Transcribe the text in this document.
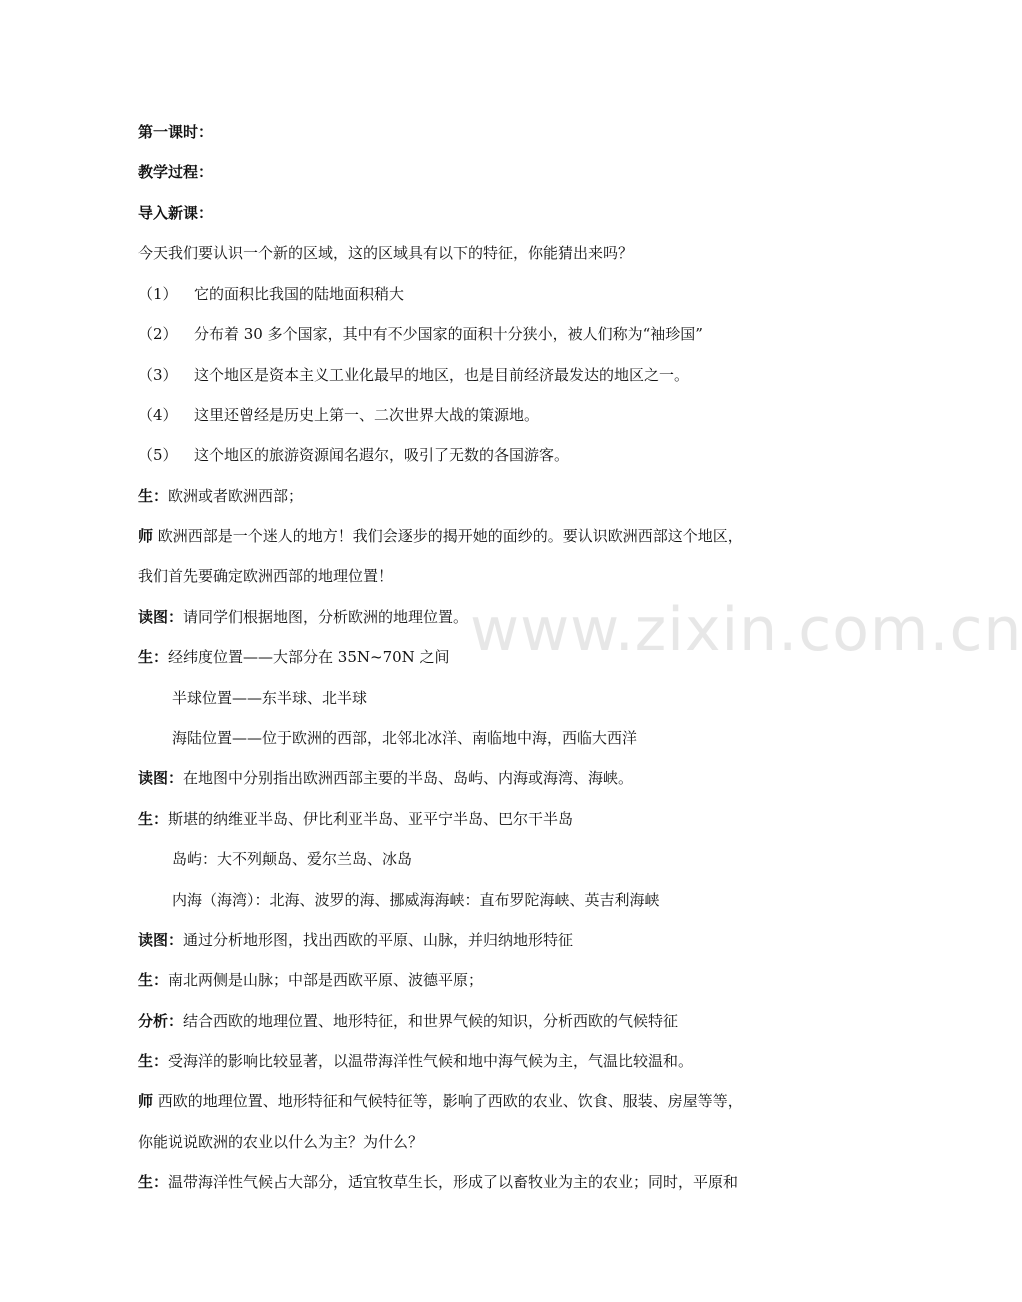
第一课时：
教学过程：
导入新课：
今天我们要认识一个新的区域，这的区域具有以下的特征，你能猜出来吗？
（1） 它的面积比我国的陆地面积稍大
（2） 分布着 30 多个国家，其中有不少国家的面积十分狭小，被人们称为“袖珍国”
（3） 这个地区是资本主义工业化最早的地区，也是目前经济最发达的地区之一。
（4） 这里还曾经是历史上第一、二次世界大战的策源地。
（5） 这个地区的旅游资源闻名遐尔，吸引了无数的各国游客。
生：欧洲或者欧洲西部；
师 欧洲西部是一个迷人的地方！我们会逐步的揭开她的面纱的。要认识欧洲西部这个地区，
我们首先要确定欧洲西部的地理位置！
读图：请同学们根据地图，分析欧洲的地理位置。
生：经纬度位置——大部分在 35N~70N 之间
半球位置——东半球、北半球
海陆位置——位于欧洲的西部，北邻北冰洋、南临地中海，西临大西洋
读图：在地图中分别指出欧洲西部主要的半岛、岛屿、内海或海湾、海峡。
生：斯堪的纳维亚半岛、伊比利亚半岛、亚平宁半岛、巴尔干半岛
岛屿：大不列颠岛、爱尔兰岛、冰岛
内海（海湾）：北海、波罗的海、挪威海海峡：直布罗陀海峡、英吉利海峡
读图：通过分析地形图，找出西欧的平原、山脉，并归纳地形特征
生：南北两侧是山脉；中部是西欧平原、波德平原；
分析：结合西欧的地理位置、地形特征，和世界气候的知识，分析西欧的气候特征
生：受海洋的影响比较显著，以温带海洋性气候和地中海气候为主，气温比较温和。
师 西欧的地理位置、地形特征和气候特征等，影响了西欧的农业、饮食、服装、房屋等等，
你能说说欧洲的农业以什么为主？为什么？
生：温带海洋性气候占大部分，适宜牧草生长，形成了以畜牧业为主的农业；同时，平原和
www.zixin.com.cn
